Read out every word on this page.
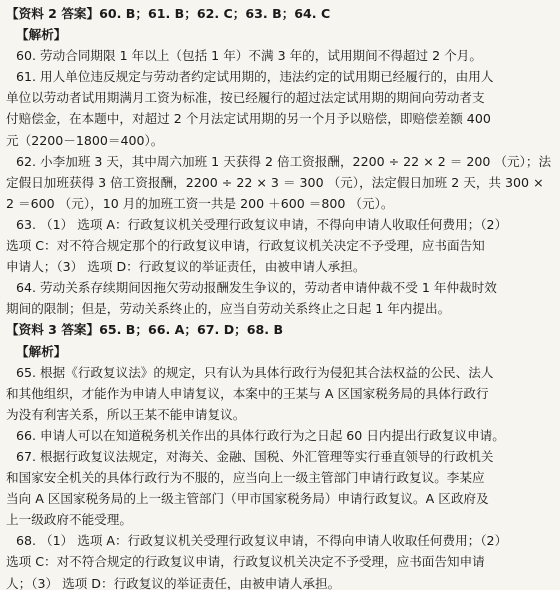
【资料 2 答案】60. B；61. B；62. C；63. B；64. C
【解析】
60. 劳动合同期限 1 年以上（包括 1 年）不满 3 年的，试用期间不得超过 2 个月。
61. 用人单位违反规定与劳动者约定试用期的，违法约定的试用期已经履行的，由用人
单位以劳动者试用期满月工资为标准，按已经履行的超过法定试用期的期间向劳动者支
付赔偿金，在本题中，对超过 2 个月法定试用期的另一个月予以赔偿，即赔偿差额 400
元（2200－1800＝400）。
62. 小李加班 3 天，其中周六加班 1 天获得 2 倍工资报酬，2200 ÷ 22 × 2 ＝ 200 （元）；法
定假日加班获得 3 倍工资报酬，2200 ÷ 22 × 3 ＝ 300 （元），法定假日加班 2 天，共 300 ×
2 ＝600 （元），10 月的加班工资一共是 200 ＋600 ＝800 （元）。
63. （1） 选项 A：行政复议机关受理行政复议申请，不得向申请人收取任何费用；（2）
选项 C：对不符合规定那个的行政复议申请，行政复议机关决定不予受理，应书面告知
申请人；（3） 选项 D：行政复议的举证责任，由被申请人承担。
64. 劳动关系存续期间因拖欠劳动报酬发生争议的，劳动者申请仲裁不受 1 年仲裁时效
期间的限制；但是，劳动关系终止的，应当自劳动关系终止之日起 1 年内提出。
【资料 3 答案】65. B；66. A；67. D；68. B
【解析】
65. 根据《行政复议法》的规定，只有认为具体行政行为侵犯其合法权益的公民、法人
和其他组织，才能作为申请人申请复议，本案中的王某与 A 区国家税务局的具体行政行
为没有利害关系，所以王某不能申请复议。
66. 申请人可以在知道税务机关作出的具体行政行为之日起 60 日内提出行政复议申请。
67. 根据行政复议法规定，对海关、金融、国税、外汇管理等实行垂直领导的行政机关
和国家安全机关的具体行政行为不服的，应当向上一级主管部门申请行政复议。李某应
当向 A 区国家税务局的上一级主管部门（甲市国家税务局）申请行政复议。A 区政府及
上一级政府不能受理。
68. （1） 选项 A：行政复议机关受理行政复议申请，不得向申请人收取任何费用；（2）
选项 C：对不符合规定的行政复议申请，行政复议机关决定不予受理，应书面告知申请
人；（3） 选项 D：行政复议的举证责任，由被申请人承担。
